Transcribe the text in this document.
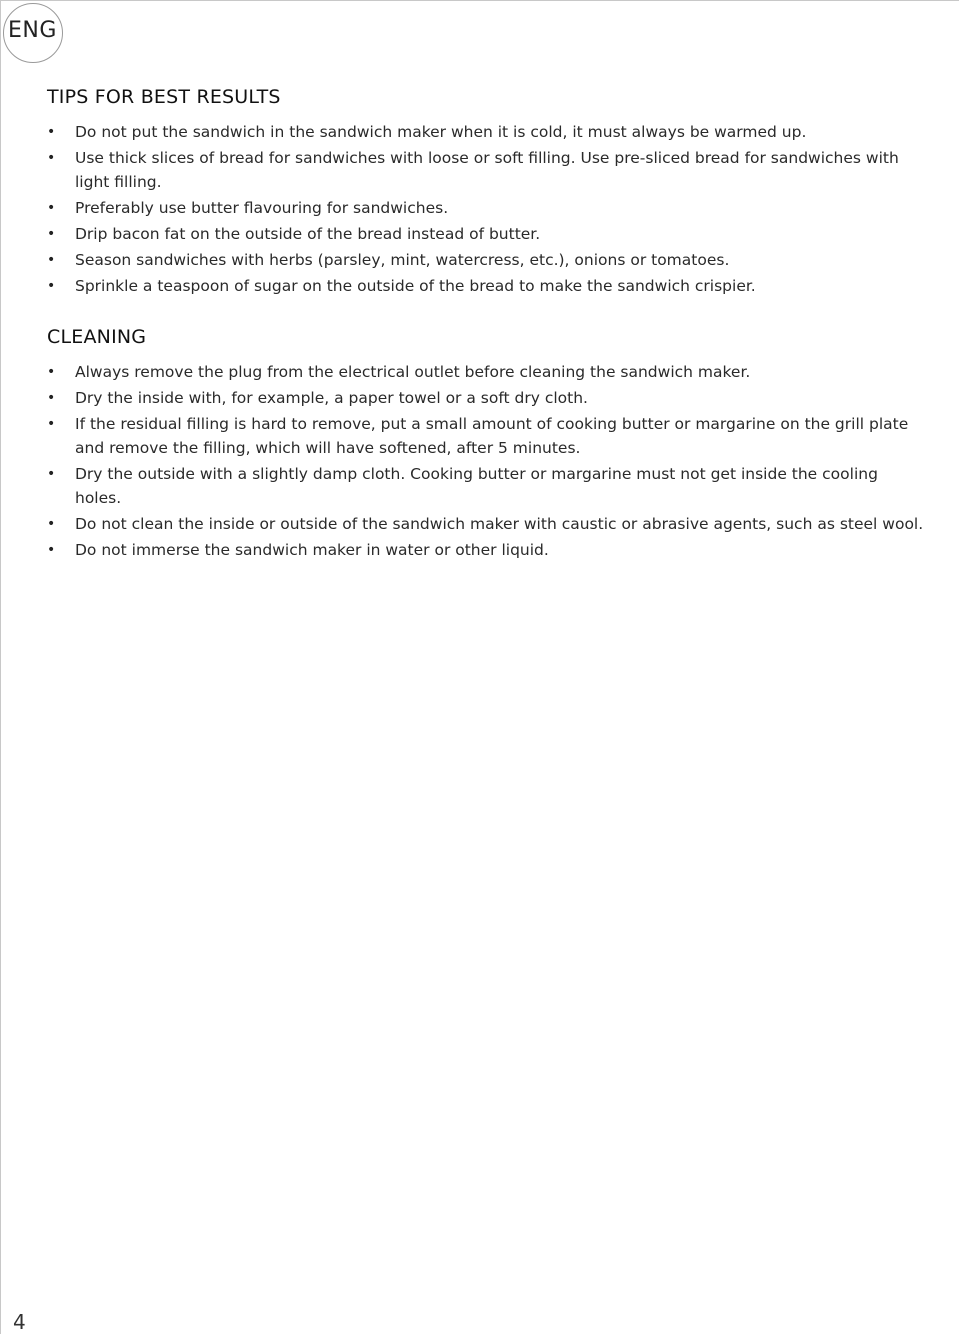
ENG
TIPS FOR BEST RESULTS
• Do not put the sandwich in the sandwich maker when it is cold, it must always be warmed up.
• Use thick slices of bread for sandwiches with loose or soft filling. Use pre-sliced bread for sandwiches with light filling.
• Preferably use butter flavouring for sandwiches.
• Drip bacon fat on the outside of the bread instead of butter.
• Season sandwiches with herbs (parsley, mint, watercress, etc.), onions or tomatoes.
• Sprinkle a teaspoon of sugar on the outside of the bread to make the sandwich crispier.
CLEANING
• Always remove the plug from the electrical outlet before cleaning the sandwich maker.
• Dry the inside with, for example, a paper towel or a soft dry cloth.
• If the residual filling is hard to remove, put a small amount of cooking butter or margarine on the grill plate and remove the filling, which will have softened, after 5 minutes.
• Dry the outside with a slightly damp cloth. Cooking butter or margarine must not get inside the cooling holes.
• Do not clean the inside or outside of the sandwich maker with caustic or abrasive agents, such as steel wool.
• Do not immerse the sandwich maker in water or other liquid.
4
